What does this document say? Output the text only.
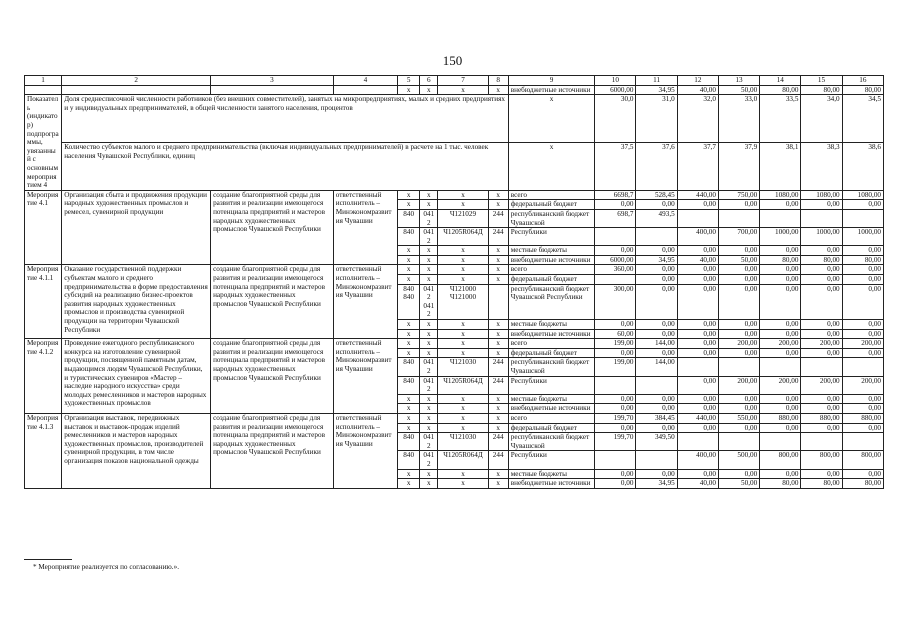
150
1	2	3	4	5	6	7	8	9	10	11	12	13	14	15	16
				x	x	x	x	внебюджетные источники	6000,00	34,95	40,00	50,00	80,00	80,00	80,00
Показатель (индикатор) подпрограммы, увязанный с основным мероприятием 4	Доля среднесписочной численности работников (без внешних совместителей), занятых на микропредприятиях, малых и средних предприятиях и у индивидуальных предпринимателей, в общей численности занятого населения, процентов							x	30,0	31,0	32,0	33,0	33,5	34,0	34,5
	Количество субъектов малого и среднего предпринимательства (включая индивидуальных предпринимателей) в расчете на 1 тыс. человек населения Чувашской Республики, единиц							x	37,5	37,6	37,7	37,9	38,1	38,3	38,6
Мероприятие 4.1	Организация сбыта и продвижения продукции народных художественных промыслов и ремесел, сувенирной продукции	создание благоприятной среды для развития и реализации имеющегося потенциала предприятий и мастеров народных художественных промыслов Чувашской Республики	ответственный исполнитель – Минэкономразвития Чувашии	x	x	x	x	всего	6698,7	528,45	440,00	750,00	1080,00	1080,00	1080,00
				x	x	x	x	федеральный бюджет	0,00	0,00	0,00	0,00	0,00	0,00	0,00
				840	0412	Ч121029	244	республиканский бюджет Чувашской	698,7	493,5					
				840	0412	Ч1205R064Д	244	Республики			400,00	700,00	1000,00	1000,00	1000,00
				x	x	x	x	местные бюджеты	0,00	0,00	0,00	0,00	0,00	0,00	0,00
				x	x	x	x	внебюджетные источники	6000,00	34,95	40,00	50,00	80,00	80,00	80,00
Мероприятие 4.1.1	Оказание государственной поддержки субъектам малого и среднего предпринимательства в форме предоставления субсидий на реализацию бизнес-проектов развития народных художественных промыслов и производства сувенирной продукции на территории Чувашской Республики	создание благоприятной среды для развития и реализации имеющегося потенциала предприятий и мастеров народных художественных промыслов Чувашской Республики	ответственный исполнитель – Минэкономразвития Чувашии	x	x	x	x	всего	360,00	0,00	0,00	0,00	0,00	0,00	0,00
				x	x	x	x	федеральный бюджет		0,00	0,00	0,00	0,00	0,00	0,00
				840 840	0412 0412	Ч121000 Ч121000		республиканский бюджет Чувашской Республики	300,00	0,00	0,00	0,00	0,00	0,00	0,00
				x	x	x	x	местные бюджеты	0,00	0,00	0,00	0,00	0,00	0,00	0,00
				x	x	x	x	внебюджетные источники	60,00	0,00	0,00	0,00	0,00	0,00	0,00
Мероприятие 4.1.2	Проведение ежегодного республиканского конкурса на изготовление сувенирной продукции, посвященной памятным датам, выдающимся людям Чувашской Республики, и туристических сувениров «Мастер – наследие народного искусства» среди молодых ремесленников и мастеров народных художественных промыслов	создание благоприятной среды для развития и реализации имеющегося потенциала предприятий и мастеров народных художественных промыслов Чувашской Республики	ответственный исполнитель – Минэкономразвития Чувашии	x	x	x	x	всего	199,00	144,00	0,00	200,00	200,00	200,00	200,00
				x	x	x	x	федеральный бюджет	0,00	0,00	0,00	0,00	0,00	0,00	0,00
				840	0412	Ч121030	244	республиканский бюджет Чувашской	199,00	144,00					
				840	0412	Ч1205R064Д	244	Республики			0,00	200,00	200,00	200,00	200,00
				x	x	x	x	местные бюджеты	0,00	0,00	0,00	0,00	0,00	0,00	0,00
				x	x	x	x	внебюджетные источники	0,00	0,00	0,00	0,00	0,00	0,00	0,00
Мероприятие 4.1.3	Организация выставок, передвижных выставок и выставок-продаж изделий ремесленников и мастеров народных художественных промыслов, производителей сувенирной продукции, в том числе организация показов национальной одежды	создание благоприятной среды для развития и реализации имеющегося потенциала предприятий и мастеров народных художественных промыслов Чувашской Республики	ответственный исполнитель – Минэкономразвития Чувашии	x	x	x	x	всего	199,70	384,45	440,00	550,00	880,00	880,00	880,00
				x	x	x	x	федеральный бюджет	0,00	0,00	0,00	0,00	0,00	0,00	0,00
				840	0412	Ч121030	244	республиканский бюджет Чувашской	199,70	349,50					
				840	0412	Ч1205R064Д	244	Республики			400,00	500,00	800,00	800,00	800,00
				x	x	x	x	местные бюджеты	0,00	0,00	0,00	0,00	0,00	0,00	0,00
				x	x	x	x	внебюджетные источники	0,00	34,95	40,00	50,00	80,00	80,00	80,00
* Мероприятие реализуется по согласованию.».
